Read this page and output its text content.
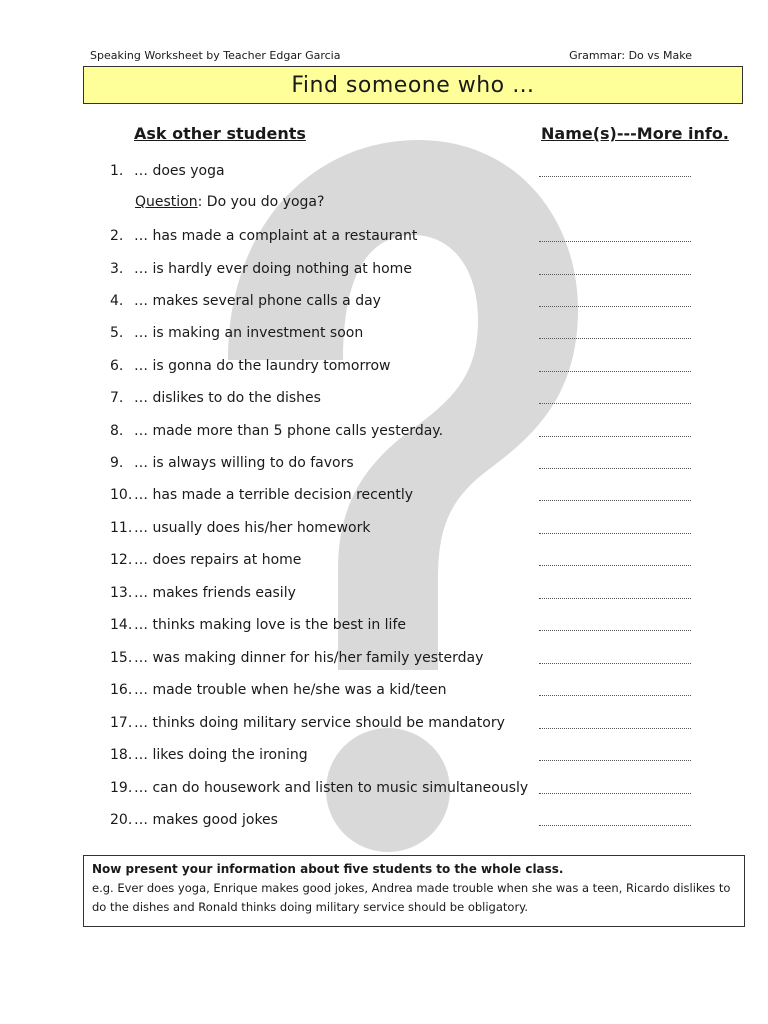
Speaking Worksheet by Teacher Edgar Garcia	Grammar: Do vs Make
Find someone who …
Ask other students	Name(s)---More info.
1. … does yoga
2. … has made a complaint at a restaurant
3. … is hardly ever doing nothing at home
4. … makes several phone calls a day
5. … is making an investment soon
6. … is gonna do the laundry tomorrow
7. … dislikes to do the dishes
8. … made more than 5 phone calls yesterday.
9. … is always willing to do favors
10. … has made a terrible decision recently
11. … usually does his/her homework
12. … does repairs at home
13. … makes friends easily
14. … thinks making love is the best in life
15. … was making dinner for his/her family yesterday
16. … made trouble when he/she was a kid/teen
17. … thinks doing military service should be mandatory
18. … likes doing the ironing
19. … can do housework and listen to music simultaneously
20. … makes good jokes
Question: Do you do yoga?
Now present your information about five students to the whole class.
e.g. Ever does yoga, Enrique makes good jokes, Andrea made trouble when she was a teen, Ricardo dislikes to do the dishes and Ronald thinks doing military service should be obligatory.
